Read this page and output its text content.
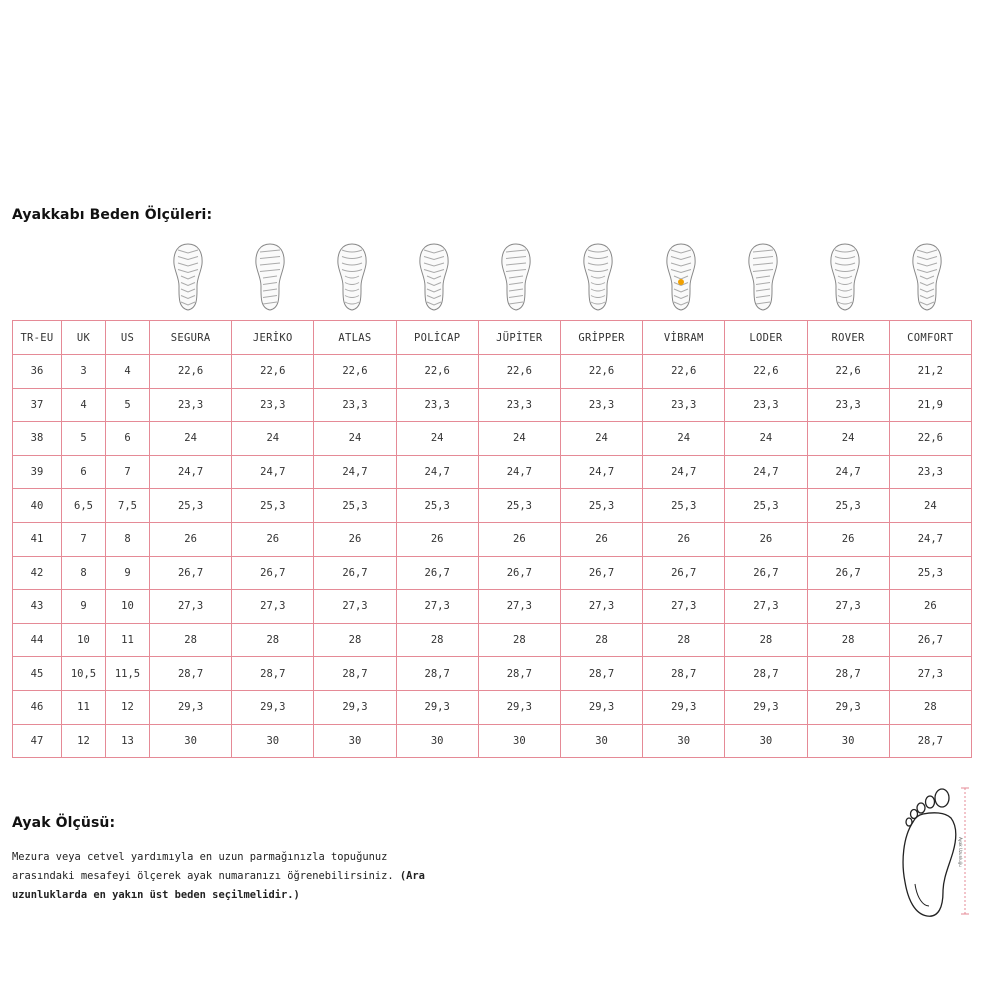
Ayakkabı Beden Ölçüleri:
TR-EU	UK	US	SEGURA	JERİKO	ATLAS	POLİCAP	JÜPİTER	GRİPPER	VİBRAM	LODER	ROVER	COMFORT
36	3	4	22,6	22,6	22,6	22,6	22,6	22,6	22,6	22,6	22,6	21,2
37	4	5	23,3	23,3	23,3	23,3	23,3	23,3	23,3	23,3	23,3	21,9
38	5	6	24	24	24	24	24	24	24	24	24	22,6
39	6	7	24,7	24,7	24,7	24,7	24,7	24,7	24,7	24,7	24,7	23,3
40	6,5	7,5	25,3	25,3	25,3	25,3	25,3	25,3	25,3	25,3	25,3	24
41	7	8	26	26	26	26	26	26	26	26	26	24,7
42	8	9	26,7	26,7	26,7	26,7	26,7	26,7	26,7	26,7	26,7	25,3
43	9	10	27,3	27,3	27,3	27,3	27,3	27,3	27,3	27,3	27,3	26
44	10	11	28	28	28	28	28	28	28	28	28	26,7
45	10,5	11,5	28,7	28,7	28,7	28,7	28,7	28,7	28,7	28,7	28,7	27,3
46	11	12	29,3	29,3	29,3	29,3	29,3	29,3	29,3	29,3	29,3	28
47	12	13	30	30	30	30	30	30	30	30	30	28,7
Ayak Ölçüsü:
Mezura veya cetvel yardımıyla en uzun parmağınızla topuğunuz arasındaki mesafeyi ölçerek ayak numaranızı öğrenebilirsiniz. (Ara uzunluklarda en yakın üst beden seçilmelidir.)
Ayak Uzunluğu
